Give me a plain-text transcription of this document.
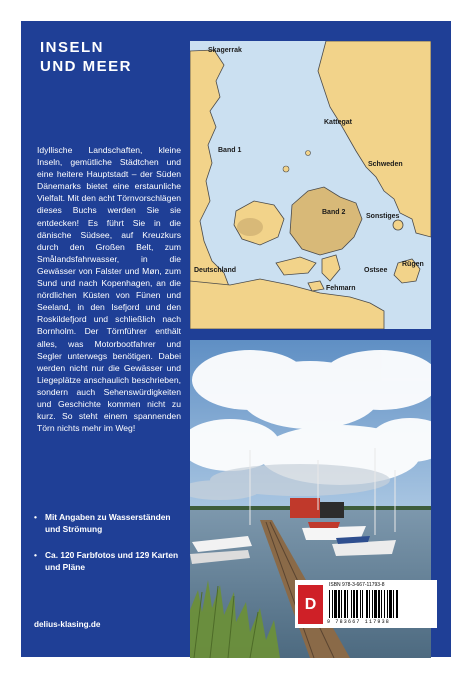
INSELN
UND MEER

Idyllische Landschaften, kleine Inseln, gemütliche Städtchen und eine heitere Hauptstadt – der Süden Dänemarks bietet eine erstaunliche Vielfalt. Mit den acht Törnvorschlägen dieses Buchs werden Sie sie entdecken! Es führt Sie in die dänische Südsee, auf Kreuzkurs durch den Großen Belt, zum Smålandsfahrwasser, in die Gewässer von Falster und Møn, zum Sund und nach Kopenhagen, an die nördlichen Küsten von Fünen und Seeland, in den Isefjord und den Roskildefjord und schließlich nach Bornholm. Der Törnführer enthält alles, was Motorbootfahrer und Segler unterwegs benötigen. Dabei werden nicht nur die Gewässer und Liegeplätze anschaulich beschrieben, sondern auch Sehenswürdigkeiten und Geschichte kommen nicht zu kurz. So steht einem spannenden Törn nichts mehr im Weg!

• Mit Angaben zu Wasserständen und Strömung
• Ca. 120 Farbfotos und 129 Karten und Pläne
delius-klasing.de
Skagerrak
Kattegat
Band 1
Schweden
Band 2
Sonstiges
Deutschland
Fehmarn
Ostsee
Rügen
D
ISBN 978-3-667-11793-8
9 783667 117938
